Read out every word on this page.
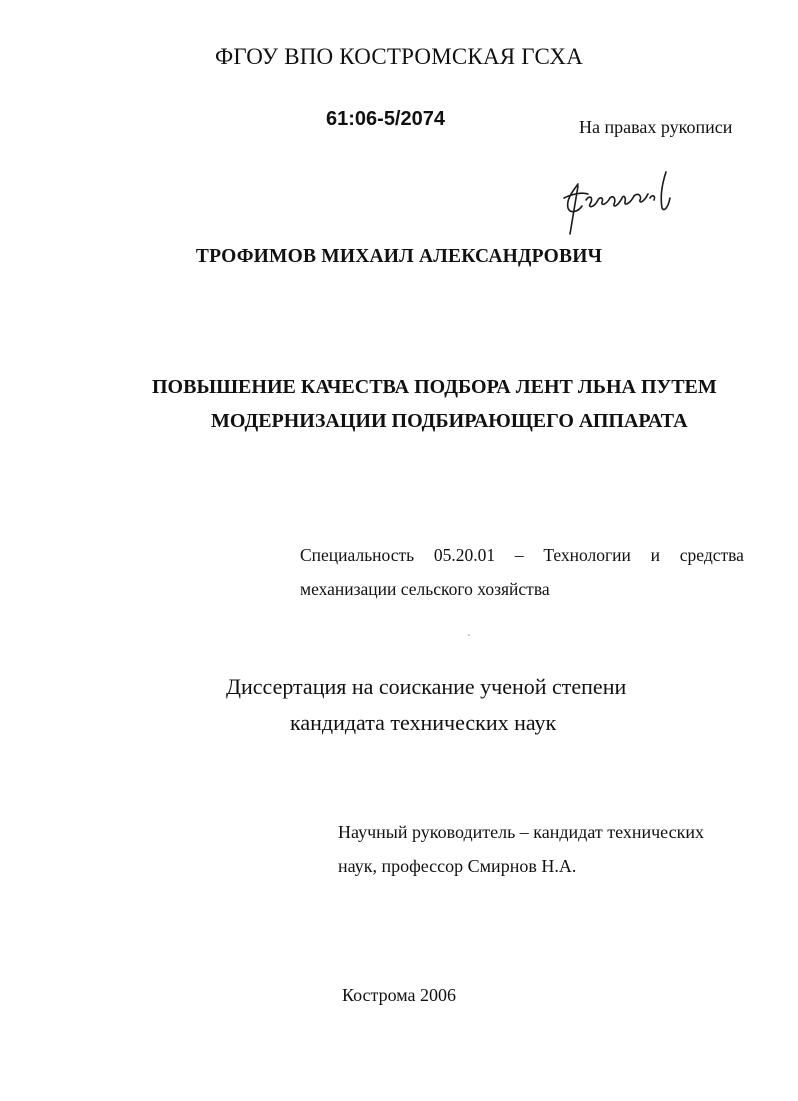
ФГОУ ВПО КОСТРОМСКАЯ ГСХА
61:06-5/2074	На правах рукописи
ТРОФИМОВ МИХАИЛ АЛЕКСАНДРОВИЧ
ПОВЫШЕНИЕ КАЧЕСТВА ПОДБОРА ЛЕНТ ЛЬНА ПУТЕМ
МОДЕРНИЗАЦИИ ПОДБИРАЮЩЕГО АППАРАТА
Специальность 05.20.01 – Технологии и средства
механизации сельского хозяйства
Диссертация на соискание ученой степени
кандидата технических наук
Научный руководитель – кандидат технических
наук, профессор Смирнов Н.А.
Кострома 2006
